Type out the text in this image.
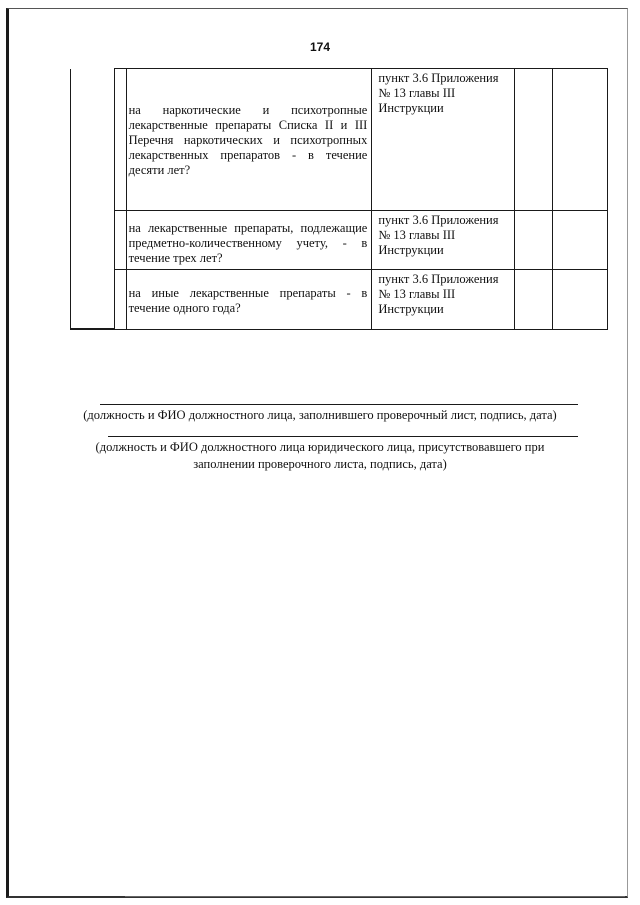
174

		на наркотические и психотропные лекарственные препараты Списка II и III Перечня наркотических и психотропных лекарственных препаратов - в течение десяти лет?	пункт 3.6 Приложения № 13 главы III Инструкции		

		на лекарственные препараты, подлежащие предметно-количественному учету, - в течение трех лет?	пункт 3.6 Приложения № 13 главы III Инструкции		

		на иные лекарственные препараты - в течение одного года?	пункт 3.6 Приложения № 13 главы III Инструкции		

(должность и ФИО должностного лица, заполнившего проверочный лист, подпись, дата)
(должность и ФИО должностного лица юридического лица, присутствовавшего при
заполнении проверочного листа, подпись, дата)
